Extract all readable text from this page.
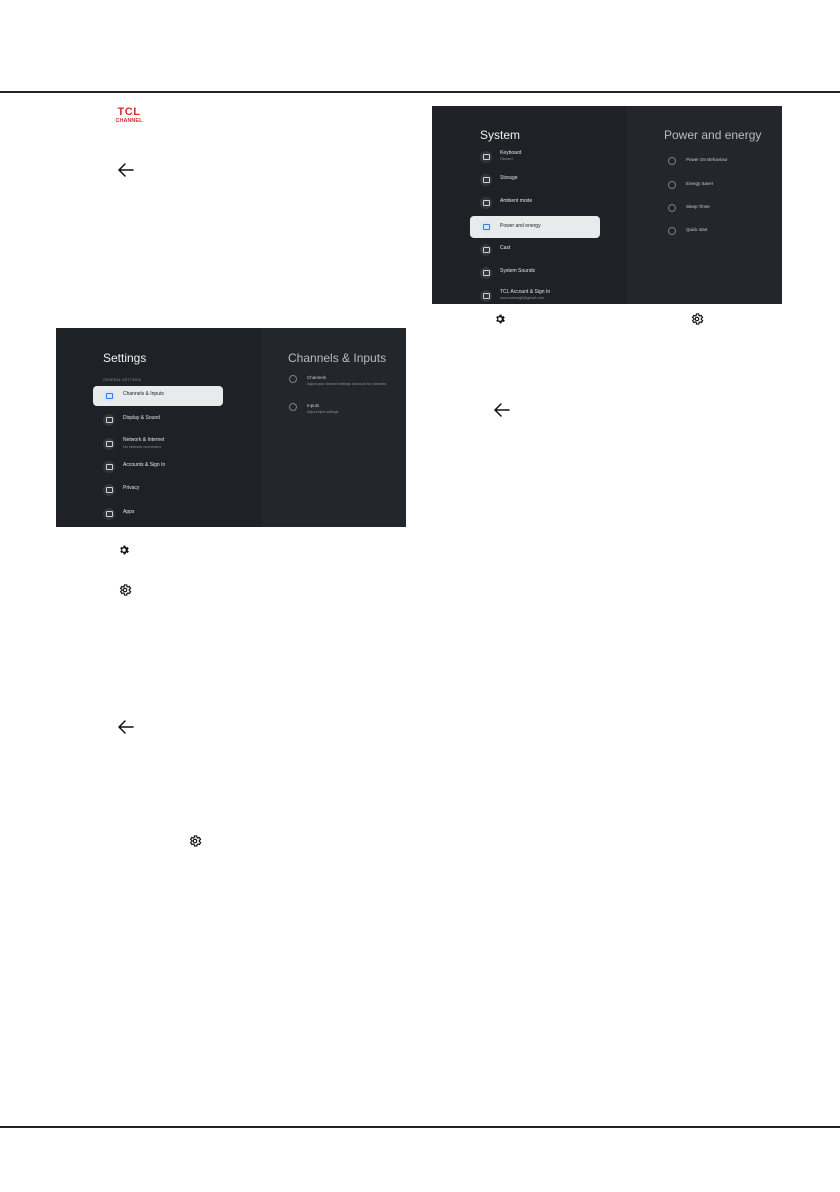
TCL
CHANNEL
Settings
GENERAL SETTINGS
Channels & Inputs
Display & Sound
Network & Internet
No network connected
Accounts & Sign In
Privacy
Apps
Channels & Inputs
Channels
Adjust your channel settings and scan for channels.
Inputs
Adjust input settings
System
Keyboard
Gboard
Storage
Ambient mode
Power and energy
Cast
System Sounds
TCL Account & Sign In
swcountsmgfl@gmail.com
Power and energy
Power On Behaviour
Energy Saver
Sleep Timer
Quick start
